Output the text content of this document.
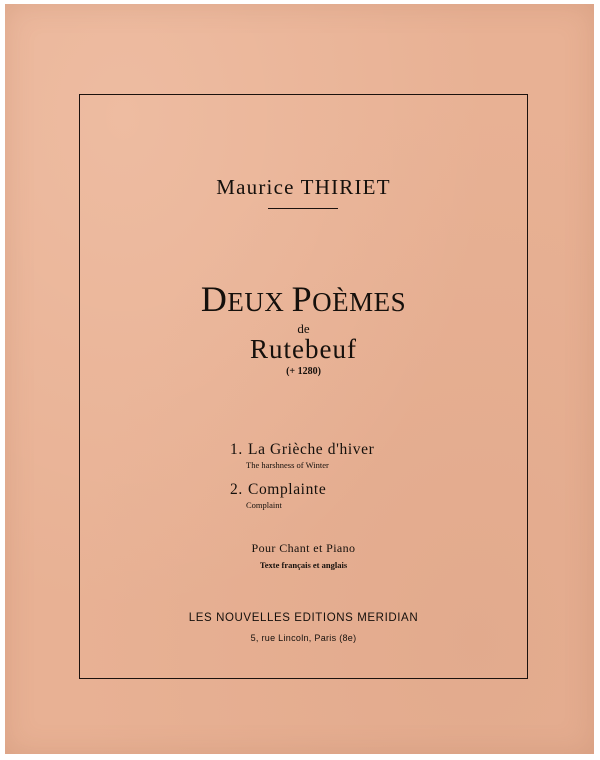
Maurice THIRIET
DEUX POÈMES
de
Rutebeuf
(+ 1280)
1. La Grièche d'hiver
The harshness of Winter
2. Complainte
Complaint
Pour Chant et Piano
Texte français et anglais
LES NOUVELLES EDITIONS MERIDIAN
5, rue Lincoln, Paris (8e)
